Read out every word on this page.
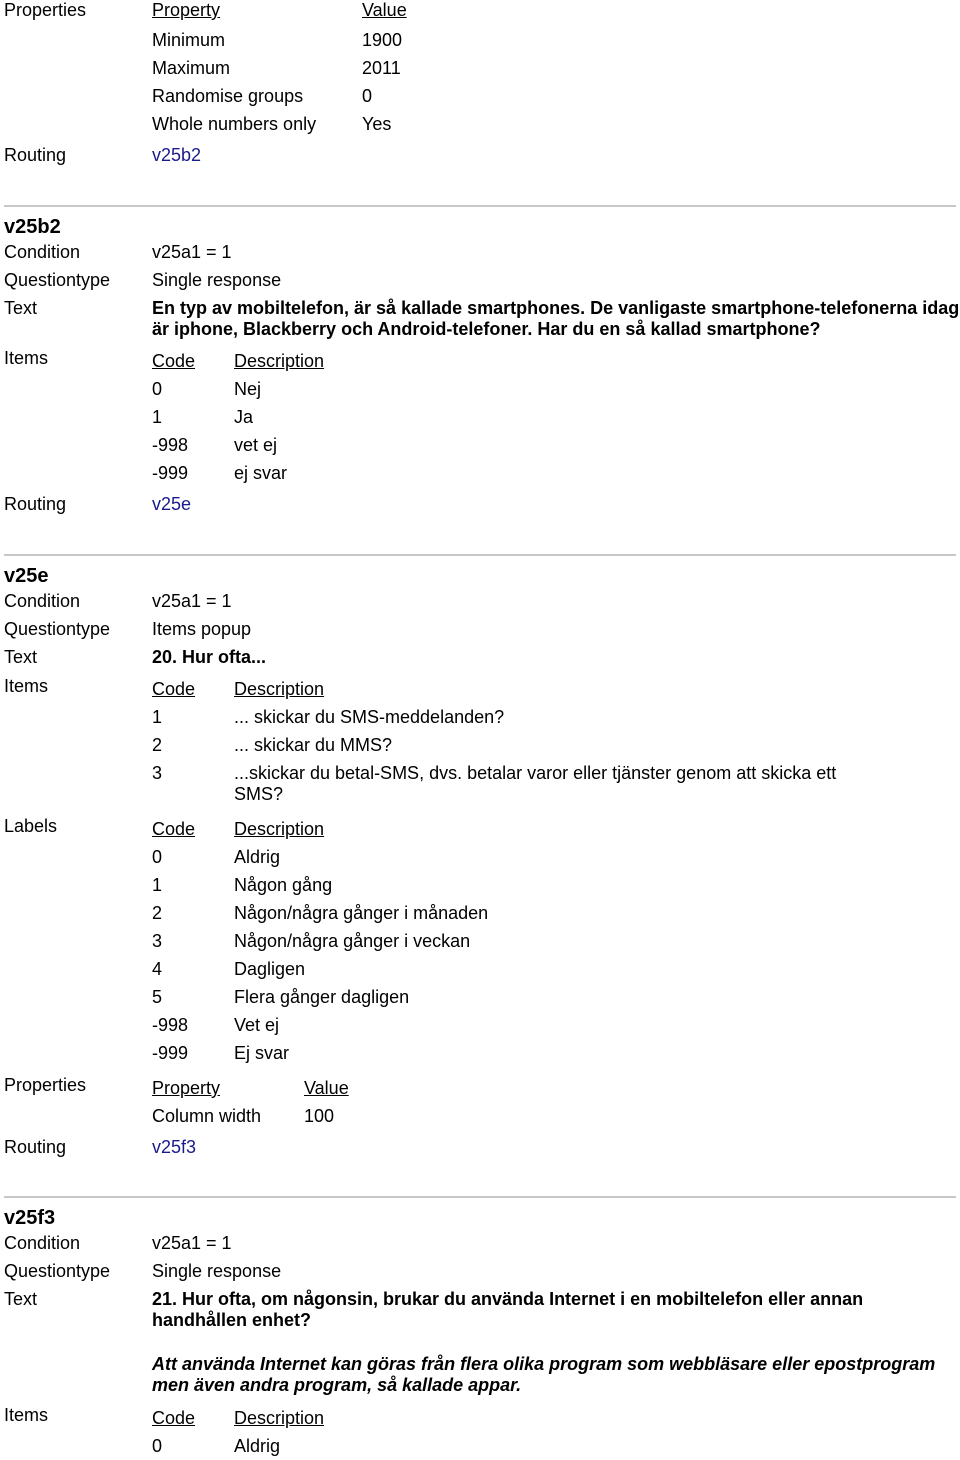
Properties	Property	Value
Minimum	1900
Maximum	2011
Randomise groups	0
Whole numbers only	Yes
Routing	v25b2
v25b2
Condition	v25a1 = 1
Questiontype Single response
Text	En typ av mobiltelefon, är så kallade smartphones. De vanligaste smartphone-telefonerna idag är iphone, Blackberry och Android-telefoner. Har du en så kallad smartphone?
Items	Code Description
0	Nej
1	Ja
-998	vet ej
-999	ej svar
Routing	v25e
v25e
Condition	v25a1 = 1
Questiontype Items popup
Text	20. Hur ofta...
Items	Code Description
1	... skickar du SMS-meddelanden?
2	... skickar du MMS?
3	...skickar du betal-SMS, dvs. betalar varor eller tjänster genom att skicka ett SMS?
Labels	Code Description
0	Aldrig
1	Någon gång
2	Någon/några gånger i månaden
3	Någon/några gånger i veckan
4	Dagligen
5	Flera gånger dagligen
-998	Vet ej
-999	Ej svar
Properties	Property	Value
Column width 100
Routing	v25f3
v25f3
Condition	v25a1 = 1
Questiontype Single response
Text	21. Hur ofta, om någonsin, brukar du använda Internet i en mobiltelefon eller annan handhållen enhet?
Att använda Internet kan göras från flera olika program som webbläsare eller epostprogram men även andra program, så kallade appar.
Items	Code Description
0	Aldrig
